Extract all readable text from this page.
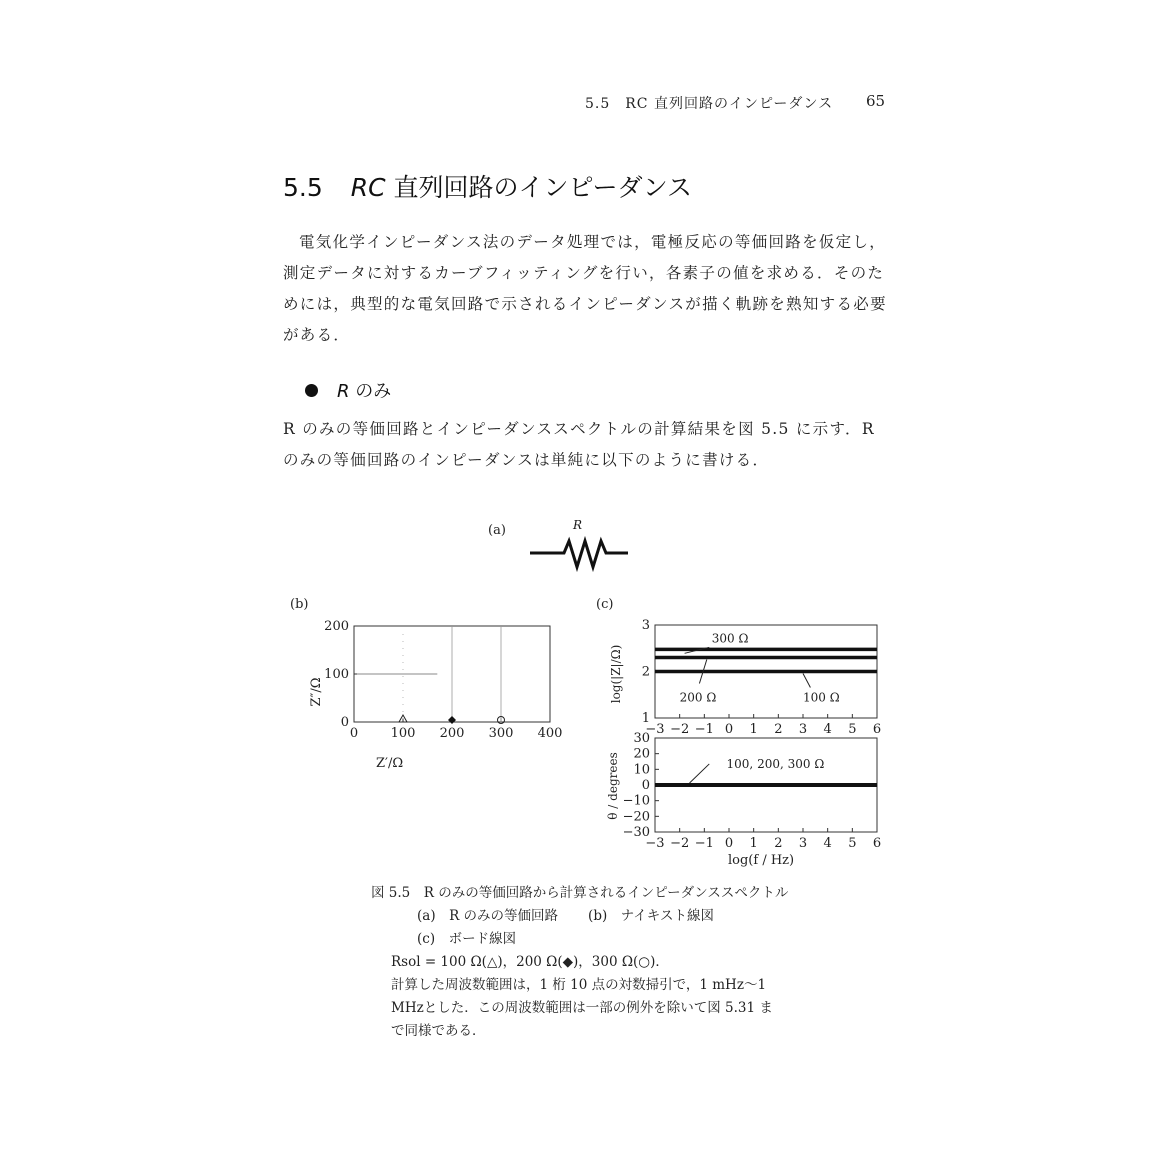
5.5　RC 直列回路のインピーダンス 65
5.5 RC 直列回路のインピーダンス

電気化学インピーダンス法のデータ処理では，電極反応の等価回路を仮定し，

測定データに対するカーブフィッティングを行い，各素子の値を求める．そのた

めには，典型的な電気回路で示されるインピーダンスが描く軌跡を熟知する必要

がある．

R のみ

R のみの等価回路とインピーダンススペクトルの計算結果を図 5.5 に示す．R

のみの等価回路のインピーダンスは単純に以下のように書ける．

(a)	R
(b)	(c)
Z′/Ω
Z″/Ω
0 100 200 300 400
0
100
200
log(|Z|/Ω)
−3 −2 −1 0 1 2 3 4 5 6
1
2
3
300 Ω
200 Ω	100 Ω
log(f / Hz)
θ / degrees
−3 −2 −1 0 1 2 3 4 5 6
−30
−20
−10
0
10
20
30
100, 200, 300 Ω
図 5.5　R のみの等価回路から計算されるインピーダンススペクトル
(a)　R のみの等価回路 (b)　ナイキスト線図
(c)　ボード線図
Rsol = 100 Ω(△)，200 Ω(◆)，300 Ω(○)．
計算した周波数範囲は，1 桁 10 点の対数掃引で，1 mHz～1
MHzとした．この周波数範囲は一部の例外を除いて図 5.31 ま
で同様である．
